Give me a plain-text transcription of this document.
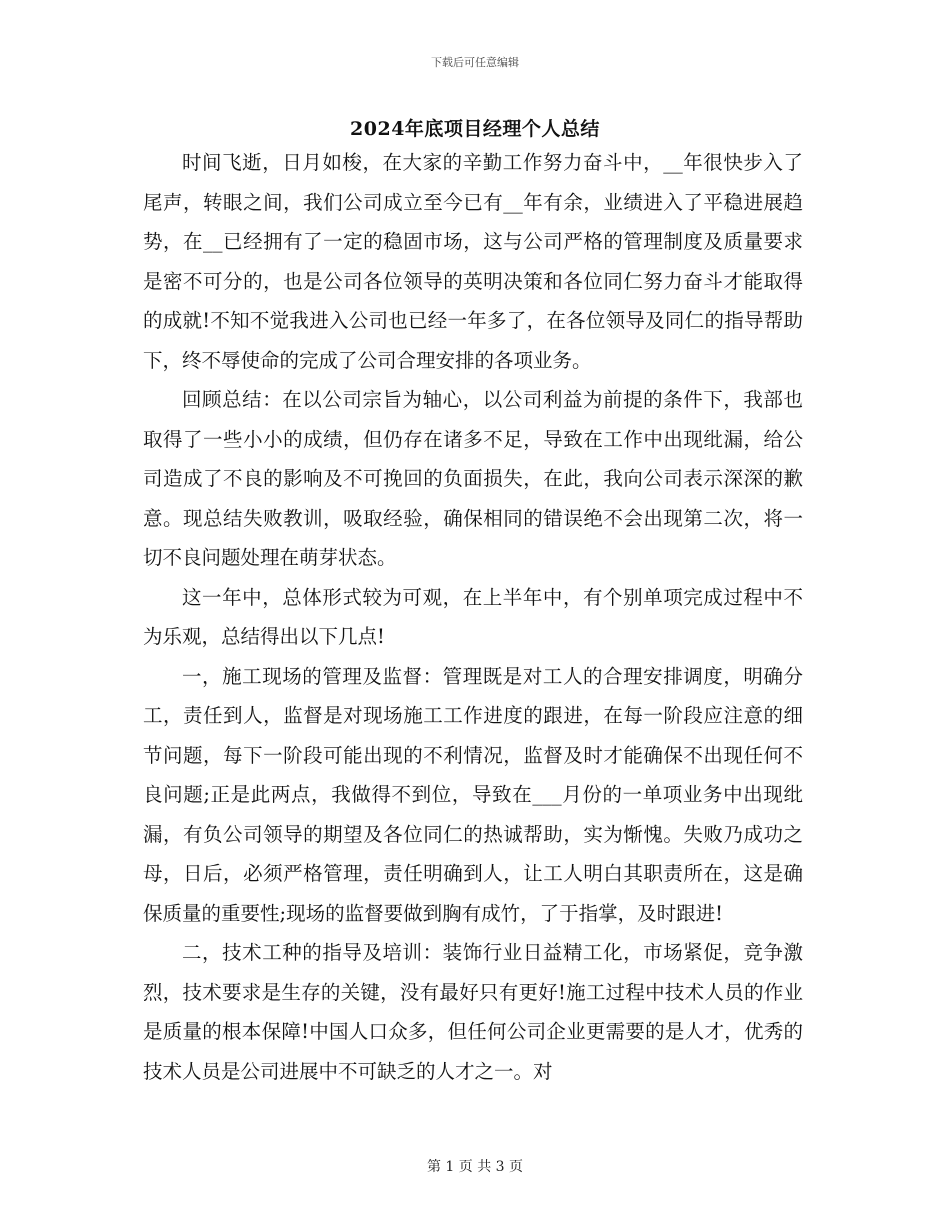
下载后可任意编辑
2024年底项目经理个人总结

时间飞逝，日月如梭，在大家的辛勤工作努力奋斗中，__年很快步入了尾声，转眼之间，我们公司成立至今已有__年有余，业绩进入了平稳进展趋势，在__已经拥有了一定的稳固市场，这与公司严格的管理制度及质量要求是密不可分的，也是公司各位领导的英明决策和各位同仁努力奋斗才能取得的成就!不知不觉我进入公司也已经一年多了，在各位领导及同仁的指导帮助下，终不辱使命的完成了公司合理安排的各项业务。

回顾总结：在以公司宗旨为轴心，以公司利益为前提的条件下，我部也取得了一些小小的成绩，但仍存在诸多不足，导致在工作中出现纰漏，给公司造成了不良的影响及不可挽回的负面损失，在此，我向公司表示深深的歉意。现总结失败教训，吸取经验，确保相同的错误绝不会出现第二次，将一切不良问题处理在萌芽状态。

这一年中，总体形式较为可观，在上半年中，有个别单项完成过程中不为乐观，总结得出以下几点!

一，施工现场的管理及监督：管理既是对工人的合理安排调度，明确分工，责任到人，监督是对现场施工工作进度的跟进，在每一阶段应注意的细节问题，每下一阶段可能出现的不利情况，监督及时才能确保不出现任何不良问题;正是此两点，我做得不到位，导致在___月份的一单项业务中出现纰漏，有负公司领导的期望及各位同仁的热诚帮助，实为惭愧。失败乃成功之母，日后，必须严格管理，责任明确到人，让工人明白其职责所在，这是确保质量的重要性;现场的监督要做到胸有成竹，了于指掌，及时跟进!

二，技术工种的指导及培训：装饰行业日益精工化，市场紧促，竞争激烈，技术要求是生存的关键，没有最好只有更好!施工过程中技术人员的作业是质量的根本保障!中国人口众多，但任何公司企业更需要的是人才，优秀的技术人员是公司进展中不可缺乏的人才之一。对

第 1 页 共 3 页
